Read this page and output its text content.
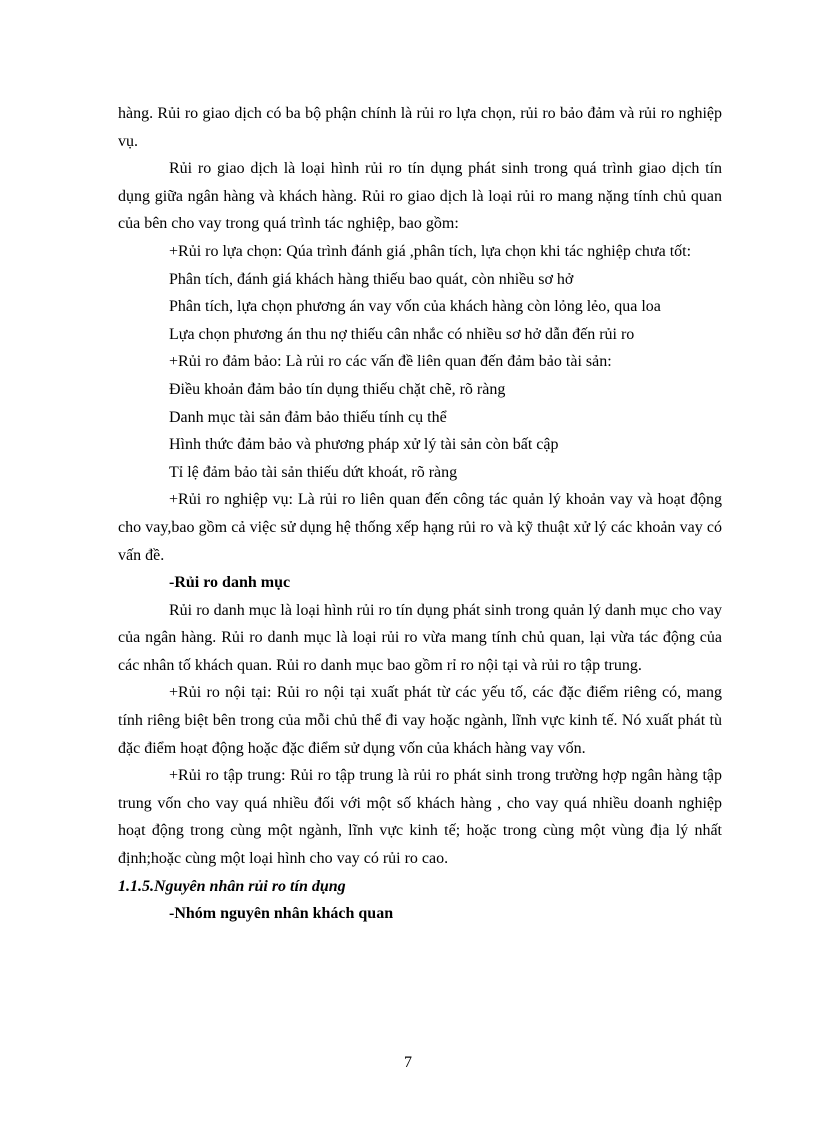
hàng. Rủi ro giao dịch có ba bộ phận chính là rủi ro lựa chọn, rủi ro bảo đảm và rủi ro nghiệp vụ.

Rủi ro giao dịch là loại hình rủi ro tín dụng phát sinh trong quá trình giao dịch tín dụng giữa ngân hàng và khách hàng. Rủi ro giao dịch là loại rủi ro mang nặng tính chủ quan của bên cho vay trong quá trình tác nghiệp, bao gồm:

+Rủi ro lựa chọn: Qúa trình đánh giá ,phân tích, lựa chọn khi tác nghiệp chưa tốt:

Phân tích, đánh giá khách hàng thiếu bao quát, còn nhiều sơ hở

Phân tích, lựa chọn phương án vay vốn của khách hàng còn lỏng lẻo, qua loa

Lựa chọn phương án thu nợ thiếu cân nhắc có nhiều sơ hở dẫn đến rủi ro

+Rủi ro đảm bảo: Là rủi ro các vấn đề liên quan đến đảm bảo tài sản:

Điều khoản đảm bảo tín dụng thiếu chặt chẽ, rõ ràng

Danh mục tài sản đảm bảo thiếu tính cụ thể

Hình thức đảm bảo và phương pháp xử lý tài sản còn bất cập

Tỉ lệ đảm bảo tài sản thiếu dứt khoát, rõ ràng

+Rủi ro nghiệp vụ: Là rủi ro liên quan đến công tác quản lý khoản vay và hoạt động cho vay,bao gồm cả việc sử dụng hệ thống xếp hạng rủi ro và kỹ thuật xử lý các khoản vay có vấn đề.

-Rủi ro danh mục

Rủi ro danh mục là loại hình rủi ro tín dụng phát sinh trong quản lý danh mục cho vay của ngân hàng. Rủi ro danh mục là loại rủi ro vừa mang tính chủ quan, lại vừa tác động của các nhân tố khách quan. Rủi ro danh mục bao gồm rỉ ro nội tại và rủi ro tập trung.

+Rủi ro nội tại: Rủi ro nội tại xuất phát từ các yếu tố, các đặc điểm riêng có, mang tính riêng biệt bên trong của mỗi chủ thể đi vay hoặc ngành, lĩnh vực kinh tế. Nó xuất phát tù đặc điểm hoạt động hoặc đặc điểm sử dụng vốn của khách hàng vay vốn.

+Rủi ro tập trung: Rủi ro tập trung là rủi ro phát sinh trong trường hợp ngân hàng tập trung vốn cho vay quá nhiều đối với một số khách hàng , cho vay quá nhiều doanh nghiệp hoạt động trong cùng một ngành, lĩnh vực kinh tế; hoặc trong cùng một vùng địa lý nhất định;hoặc cùng một loại hình cho vay có rủi ro cao.

1.1.5.Nguyên nhân rủi ro tín dụng

-Nhóm nguyên nhân khách quan

7
